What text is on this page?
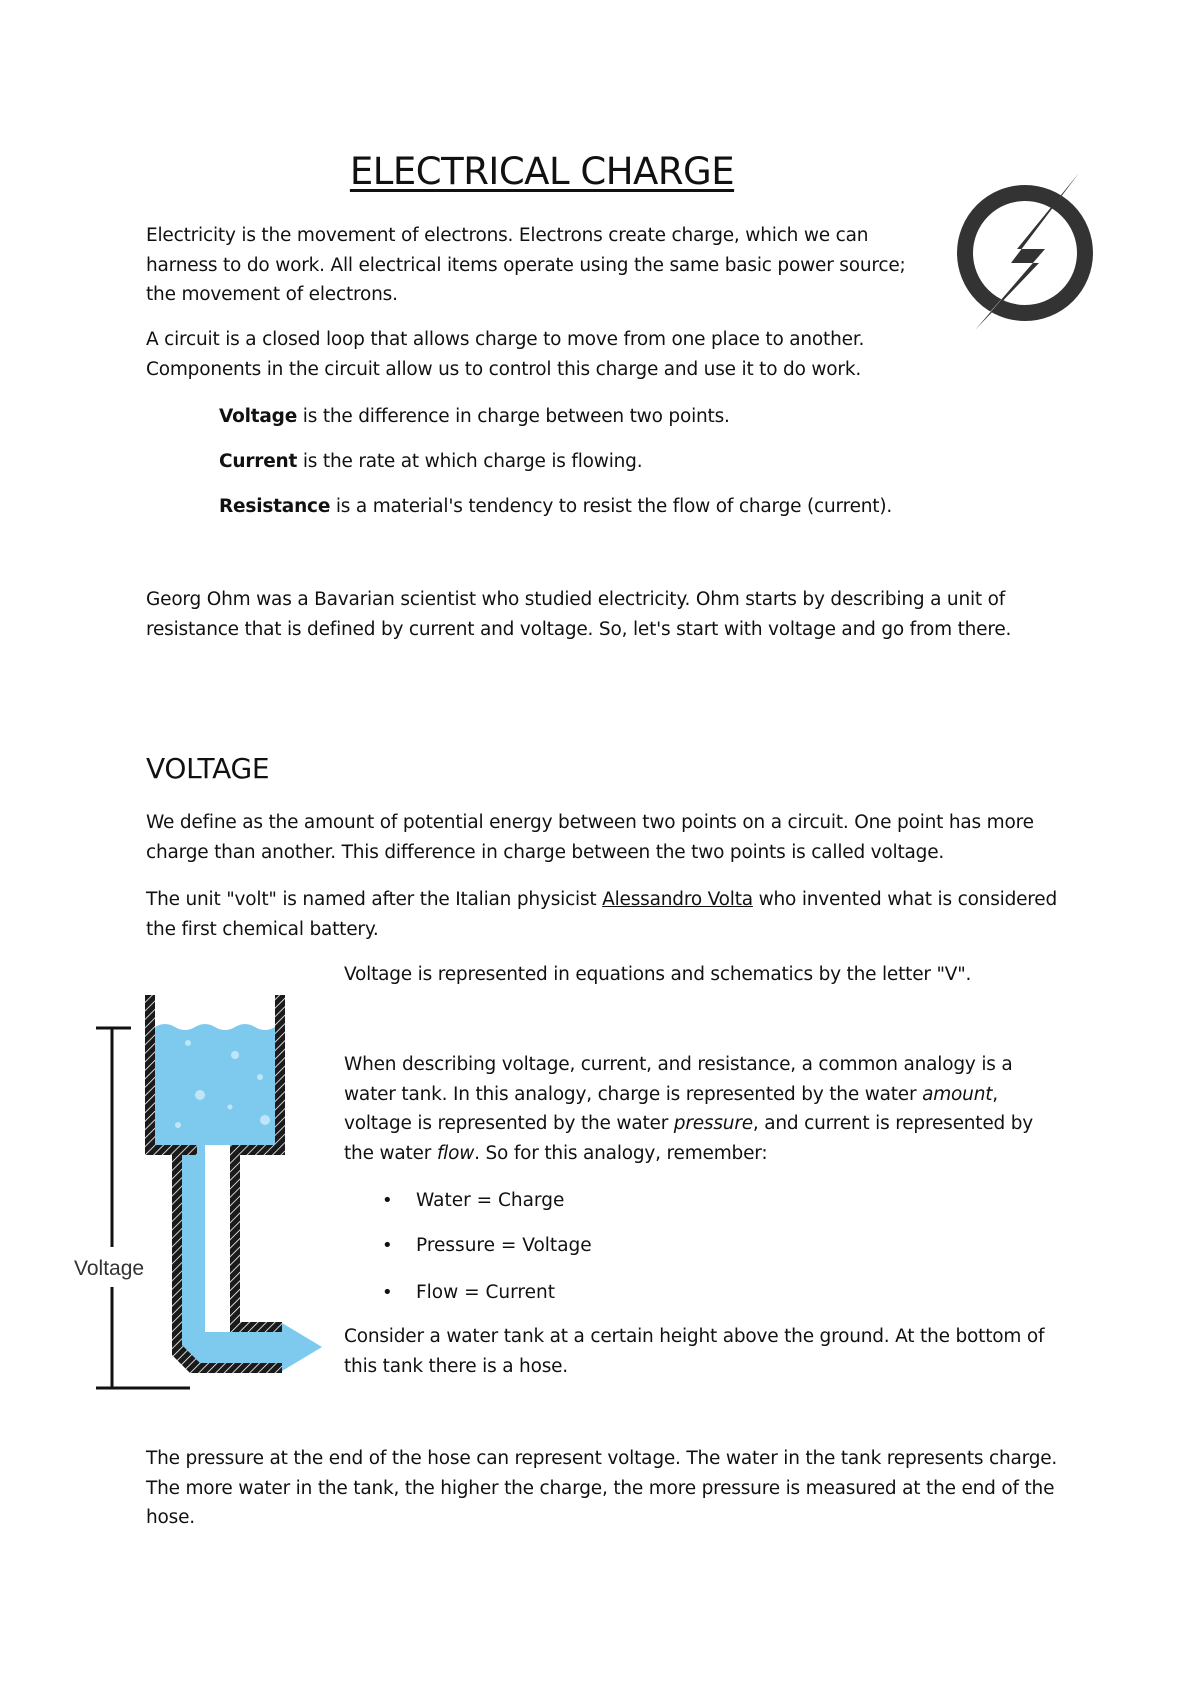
ELECTRICAL CHARGE

Electricity is the movement of electrons. Electrons create charge, which we can

harness to do work. All electrical items operate using the same basic power source;

the movement of electrons.

A circuit is a closed loop that allows charge to move from one place to another.

Components in the circuit allow us to control this charge and use it to do work.

Voltage is the difference in charge between two points.

Current is the rate at which charge is flowing.

Resistance is a material's tendency to resist the flow of charge (current).

Georg Ohm was a Bavarian scientist who studied electricity. Ohm starts by describing a unit of

resistance that is defined by current and voltage. So, let's start with voltage and go from there.

VOLTAGE

We define as the amount of potential energy between two points on a circuit. One point has more

charge than another. This difference in charge between the two points is called voltage.

The unit "volt" is named after the Italian physicist Alessandro Volta who invented what is considered

the first chemical battery.

Voltage is represented in equations and schematics by the letter "V".

When describing voltage, current, and resistance, a common analogy is a

water tank. In this analogy, charge is represented by the water amount,

voltage is represented by the water pressure, and current is represented by

the water flow. So for this analogy, remember:

•	Water = Charge
•	Pressure = Voltage
•	Flow = Current

Consider a water tank at a certain height above the ground. At the bottom of

this tank there is a hose.

The pressure at the end of the hose can represent voltage. The water in the tank represents charge.

The more water in the tank, the higher the charge, the more pressure is measured at the end of the

hose.

Voltage
